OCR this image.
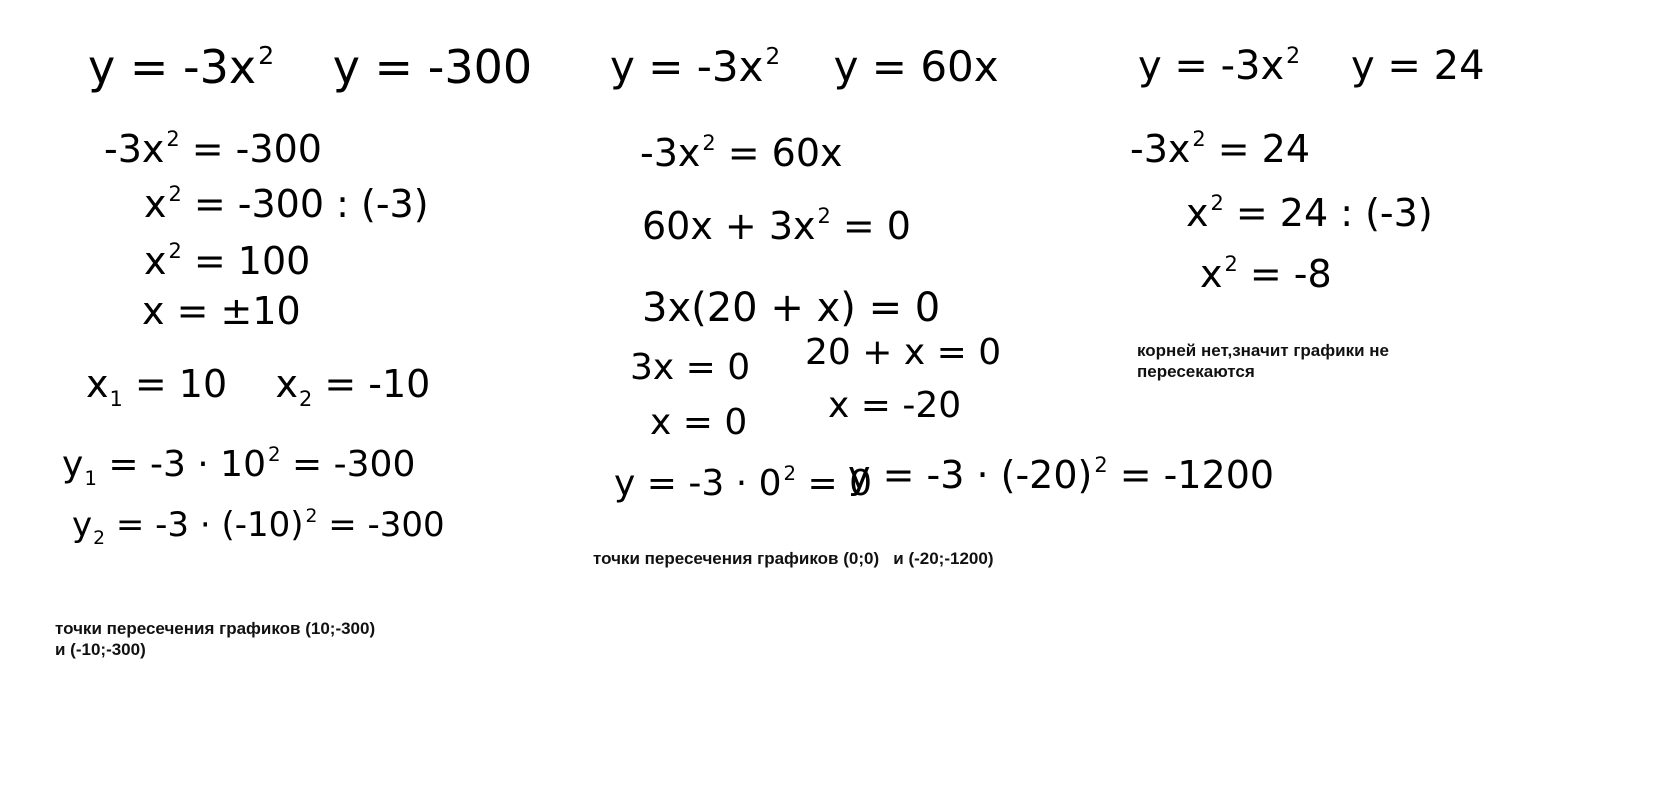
$y = -3x^2$    y = -300
$-3x^2 = -300$
$x^2 = -300$ : (-3)
$x^2 = 100$
x = ±10
$x_1 = 10$    $x_2 = -10$
$y_1 = -3 \cdot 10$ $^2$ = -300
$y_2 = -3 \cdot (-10) ^2 = -300$
точки пересечения графиков (10;-300)
и (-10;-300)
$y = -3x^2$    y = 60x
$-3x^2 = 60x$
$60x + 3x^2 = 0$
3x(20 + x) = 0
3x = 0 20 + x = 0
x = 0 x = -20
y = -3 · 0 $^2$ = 0
$y = -3 \cdot (-20)^2 = -1200$
точки пересечения графиков (0;0)   и (-20;-1200)
$y = -3x^2$    y = 24
$-3x^2 = 24$
$x^2 = 24$ : (-3)
$x^2 = -8$
корней нет,значит графики не
пересекаются
